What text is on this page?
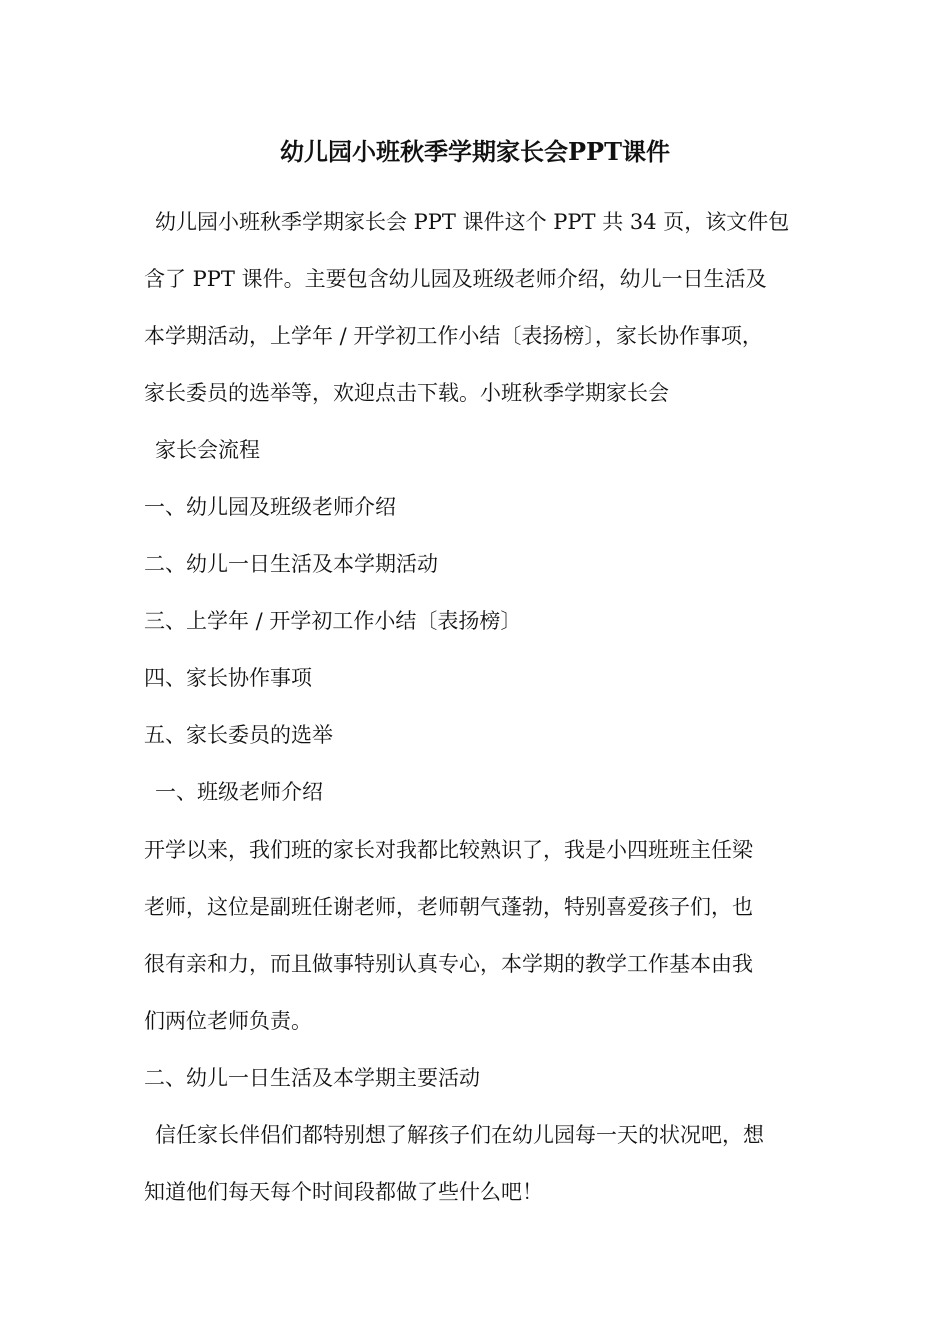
幼儿园小班秋季学期家长会PPT课件
幼儿园小班秋季学期家长会 PPT 课件这个 PPT 共 34 页，该文件包
含了 PPT 课件。主要包含幼儿园及班级老师介绍，幼儿一日生活及
本学期活动，上学年 / 开学初工作小结〔表扬榜〕，家长协作事项，
家长委员的选举等，欢迎点击下载。小班秋季学期家长会
家长会流程
一、幼儿园及班级老师介绍
二、幼儿一日生活及本学期活动
三、上学年 / 开学初工作小结〔表扬榜〕
四、家长协作事项
五、家长委员的选举
一、班级老师介绍
开学以来，我们班的家长对我都比较熟识了，我是小四班班主任梁
老师，这位是副班任谢老师，老师朝气蓬勃，特别喜爱孩子们，也
很有亲和力，而且做事特别认真专心，本学期的教学工作基本由我
们两位老师负责。
二、幼儿一日生活及本学期主要活动
信任家长伴侣们都特别想了解孩子们在幼儿园每一天的状况吧，想
知道他们每天每个时间段都做了些什么吧！
